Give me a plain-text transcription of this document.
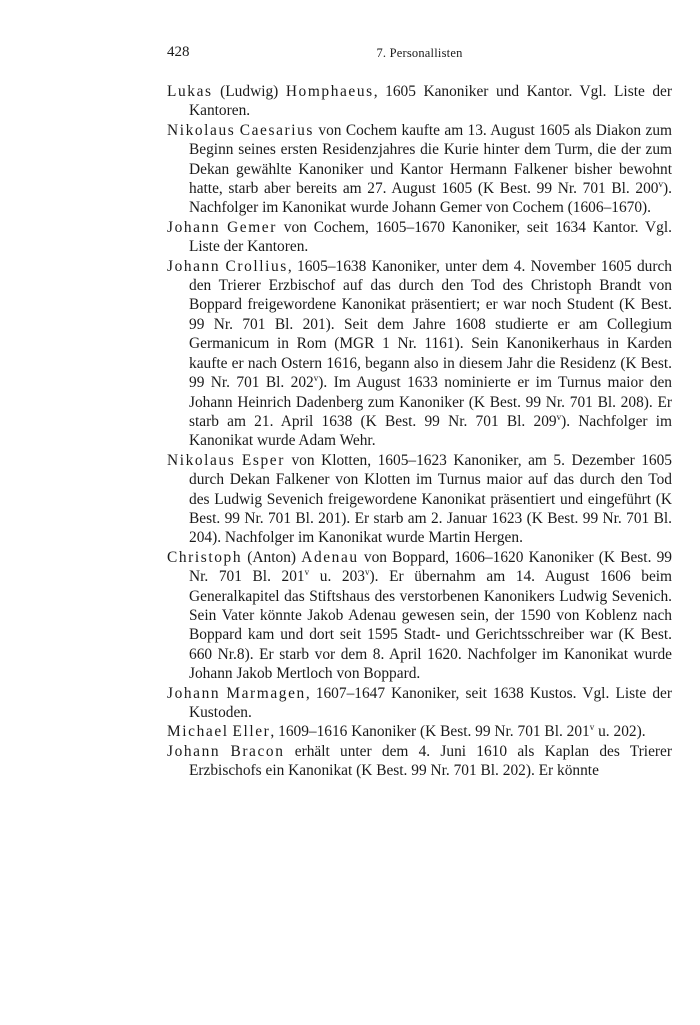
428	7. Personallisten

Lukas (Ludwig) Homphaeus, 1605 Kanoniker und Kantor. Vgl. Liste der Kantoren.

Nikolaus Caesarius von Cochem kaufte am 13. August 1605 als Diakon zum Beginn seines ersten Residenzjahres die Kurie hinter dem Turm, die der zum Dekan gewählte Kanoniker und Kantor Hermann Falkener bisher bewohnt hatte, starb aber bereits am 27. August 1605 (K Best. 99 Nr. 701 Bl. 200$^v$). Nachfolger im Kanonikat wurde Johann Gemer von Cochem (1606–1670).

Johann Gemer von Cochem, 1605–1670 Kanoniker, seit 1634 Kantor. Vgl. Liste der Kantoren.

Johann Crollius, 1605–1638 Kanoniker, unter dem 4. November 1605 durch den Trierer Erzbischof auf das durch den Tod des Christoph Brandt von Boppard freigewordene Kanonikat präsentiert; er war noch Student (K Best. 99 Nr. 701 Bl. 201). Seit dem Jahre 1608 studierte er am Collegium Germanicum in Rom (MGR 1 Nr. 1161). Sein Kanonikerhaus in Karden kaufte er nach Ostern 1616, begann also in diesem Jahr die Residenz (K Best. 99 Nr. 701 Bl. 202$^v$). Im August 1633 nominierte er im Turnus maior den Johann Heinrich Dadenberg zum Kanoniker (K Best. 99 Nr. 701 Bl. 208). Er starb am 21. April 1638 (K Best. 99 Nr. 701 Bl. 209$^v$). Nachfolger im Kanonikat wurde Adam Wehr.

Nikolaus Esper von Klotten, 1605–1623 Kanoniker, am 5. Dezember 1605 durch Dekan Falkener von Klotten im Turnus maior auf das durch den Tod des Ludwig Sevenich freigewordene Kanonikat präsentiert und eingeführt (K Best. 99 Nr. 701 Bl. 201). Er starb am 2. Januar 1623 (K Best. 99 Nr. 701 Bl. 204). Nachfolger im Kanonikat wurde Martin Hergen.

Christoph (Anton) Adenau von Boppard, 1606–1620 Kanoniker (K Best. 99 Nr. 701 Bl. 201$^v$ u. 203$^v$). Er übernahm am 14. August 1606 beim Generalkapitel das Stiftshaus des verstorbenen Kanonikers Ludwig Sevenich. Sein Vater könnte Jakob Adenau gewesen sein, der 1590 von Koblenz nach Boppard kam und dort seit 1595 Stadt- und Gerichtsschreiber war (K Best. 660 Nr.8). Er starb vor dem 8. April 1620. Nachfolger im Kanonikat wurde Johann Jakob Mertloch von Boppard.

Johann Marmagen, 1607–1647 Kanoniker, seit 1638 Kustos. Vgl. Liste der Kustoden.

Michael Eller, 1609–1616 Kanoniker (K Best. 99 Nr. 701 Bl. 201$^v$ u. 202).

Johann Bracon erhält unter dem 4. Juni 1610 als Kaplan des Trierer Erzbischofs ein Kanonikat (K Best. 99 Nr. 701 Bl. 202). Er könnte
